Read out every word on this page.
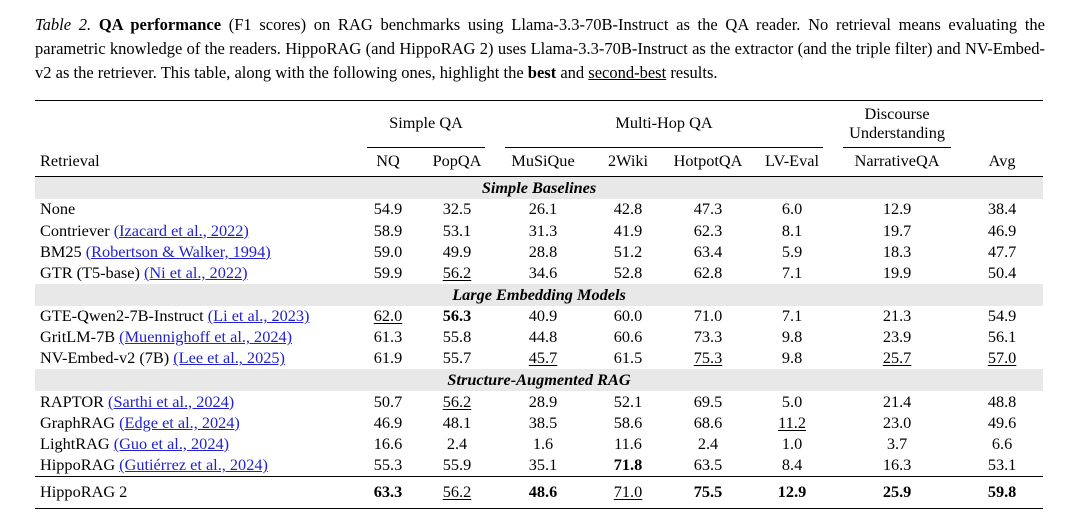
Table 2. QA performance (F1 scores) on RAG benchmarks using Llama-3.3-70B-Instruct as the QA reader. No retrieval means evaluating the parametric knowledge of the readers. HippoRAG (and HippoRAG 2) uses Llama-3.3-70B-Instruct as the extractor (and the triple filter) and NV-Embed-v2 as the retriever. This table, along with the following ones, highlight the best and second-best results.

Simple QA		Multi-Hop QA				Discourse Understanding	

Retrieval	NQ	PopQA	MuSiQue	2Wiki	HotpotQA	LV-Eval	NarrativeQA	Avg
Simple Baselines								
None	54.9	32.5	26.1	42.8	47.3	6.0	12.9	38.4
Contriever (Izacard et al., 2022)	58.9	53.1	31.3	41.9	62.3	8.1	19.7	46.9
BM25 (Robertson & Walker, 1994)	59.0	49.9	28.8	51.2	63.4	5.9	18.3	47.7
GTR (T5-base) (Ni et al., 2022)	59.9	56.2	34.6	52.8	62.8	7.1	19.9	50.4
Large Embedding Models								
GTE-Qwen2-7B-Instruct (Li et al., 2023)	62.0	56.3	40.9	60.0	71.0	7.1	21.3	54.9
GritLM-7B (Muennighoff et al., 2024)	61.3	55.8	44.8	60.6	73.3	9.8	23.9	56.1
NV-Embed-v2 (7B) (Lee et al., 2025)	61.9	55.7	45.7	61.5	75.3	9.8	25.7	57.0
Structure-Augmented RAG								
RAPTOR (Sarthi et al., 2024)	50.7	56.2	28.9	52.1	69.5	5.0	21.4	48.8
GraphRAG (Edge et al., 2024)	46.9	48.1	38.5	58.6	68.6	11.2	23.0	49.6
LightRAG (Guo et al., 2024)	16.6	2.4	1.6	11.6	2.4	1.0	3.7	6.6
HippoRAG (Gutiérrez et al., 2024)	55.3	55.9	35.1	71.8	63.5	8.4	16.3	53.1
HippoRAG 2	63.3	56.2	48.6	71.0	75.5	12.9	25.9	59.8
